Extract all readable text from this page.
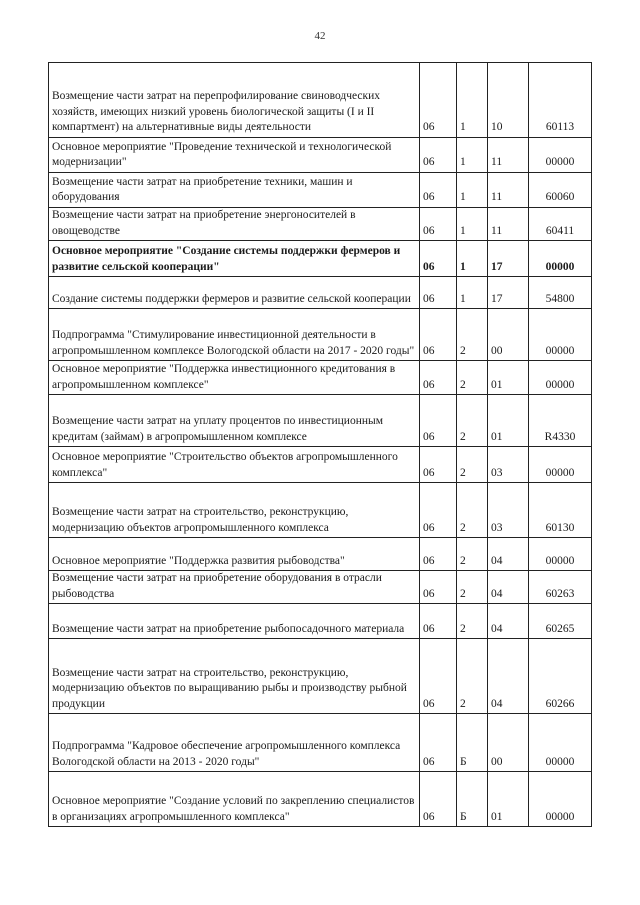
42
Возмещение части затрат на перепрофилирование свиноводческих хозяйств, имеющих низкий уровень биологической защиты (I и II компартмент) на альтернативные виды деятельности	06	1	10	60113
Основное мероприятие "Проведение технической и технологической модернизации"	06	1	11	00000
Возмещение части затрат на приобретение техники, машин и оборудования	06	1	11	60060
Возмещение части затрат на приобретение энергоносителей в овощеводстве	06	1	11	60411
Основное мероприятие "Создание системы поддержки фермеров и развитие сельской кооперации"	06	1	17	00000
Создание системы поддержки фермеров и развитие сельской кооперации	06	1	17	54800
Подпрограмма "Стимулирование инвестиционной деятельности в агропромышленном комплексе Вологодской области на 2017 - 2020 годы"	06	2	00	00000
Основное мероприятие "Поддержка инвестиционного кредитования в агропромышленном комплексе"	06	2	01	00000
Возмещение части затрат на уплату процентов по инвестиционным кредитам (займам) в агропромышленном комплексе	06	2	01	R4330
Основное мероприятие "Строительство объектов агропромышленного комплекса"	06	2	03	00000
Возмещение части затрат на строительство, реконструкцию, модернизацию объектов агропромышленного комплекса	06	2	03	60130
Основное мероприятие "Поддержка развития рыбоводства"	06	2	04	00000
Возмещение части затрат на приобретение оборудования в отрасли рыбоводства	06	2	04	60263
Возмещение части затрат на приобретение рыбопосадочного материала	06	2	04	60265
Возмещение части затрат на строительство, реконструкцию, модернизацию объектов по выращиванию рыбы и производству рыбной продукции	06	2	04	60266
Подпрограмма "Кадровое обеспечение агропромышленного комплекса Вологодской области на 2013 - 2020 годы"	06	Б	00	00000
Основное мероприятие "Создание условий по закреплению специалистов в организациях агропромышленного комплекса"	06	Б	01	00000
